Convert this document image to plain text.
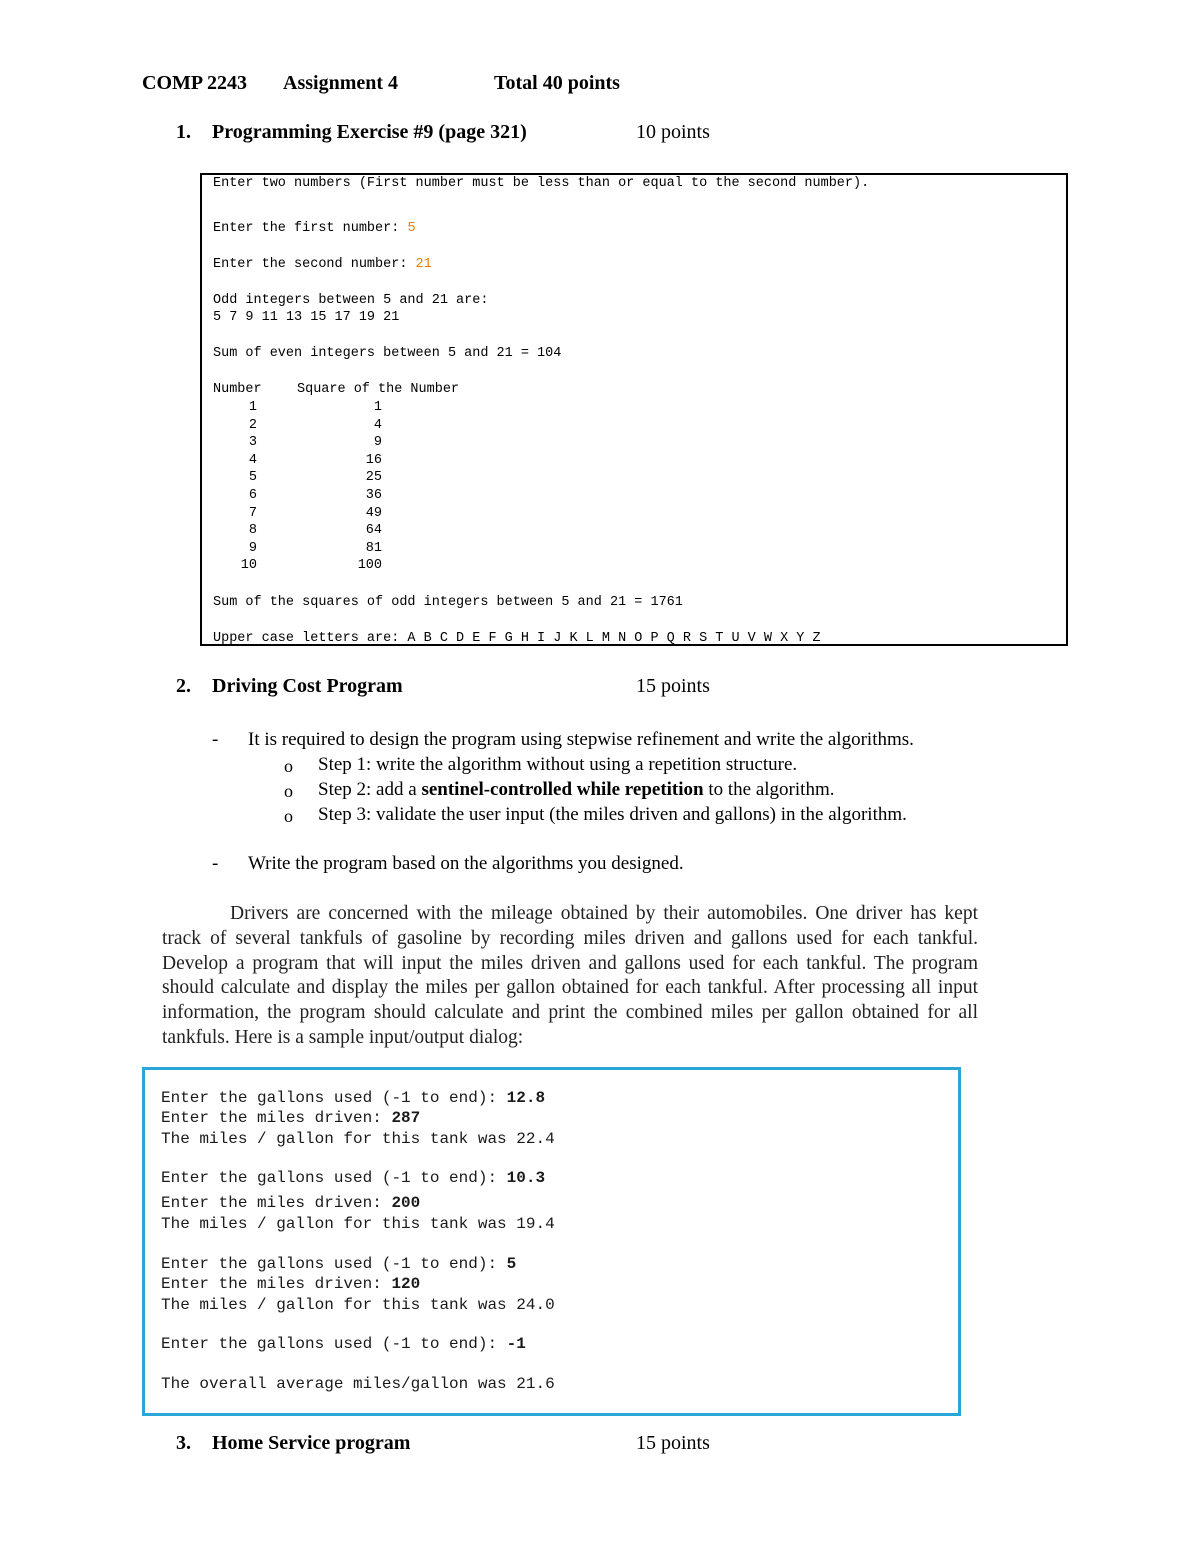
COMP 2243 Assignment 4	Total 40 points
1. Programming Exercise #9 (page 321)	10 points
Enter two numbers (First number must be less than or equal to the second number).
Enter the first number: 5
Enter the second number: 21
Odd integers between 5 and 21 are:
5 7 9 11 13 15 17 19 21
Sum of even integers between 5 and 21 = 104
Number	Square of the Number
1	1
2	4
3	9
4	16
5	25
6	36
7	49
8	64
9	81
10	100
Sum of the squares of odd integers between 5 and 21 = 1761
Upper case letters are: A B C D E F G H I J K L M N O P Q R S T U V W X Y Z
2. Driving Cost Program	15 points
- It is required to design the program using stepwise refinement and write the algorithms.
o Step 1: write the algorithm without using a repetition structure.
o Step 2: add a sentinel-controlled while repetition to the algorithm.
o Step 3: validate the user input (the miles driven and gallons) in the algorithm.
- Write the program based on the algorithms you designed.
Drivers are concerned with the mileage obtained by their automobiles. One driver has kept track of several tankfuls of gasoline by recording miles driven and gallons used for each tankful. Develop a program that will input the miles driven and gallons used for each tankful. The program should calculate and display the miles per gallon obtained for each tankful. After processing all input information, the program should calculate and print the combined miles per gallon obtained for all tankfuls. Here is a sample input/output dialog:
Enter the gallons used (-1 to end): 12.8
Enter the miles driven: 287
The miles / gallon for this tank was 22.4
Enter the gallons used (-1 to end): 10.3
Enter the miles driven: 200
The miles / gallon for this tank was 19.4
Enter the gallons used (-1 to end): 5
Enter the miles driven: 120
The miles / gallon for this tank was 24.0
Enter the gallons used (-1 to end): -1
The overall average miles/gallon was 21.6
3. Home Service program	15 points
